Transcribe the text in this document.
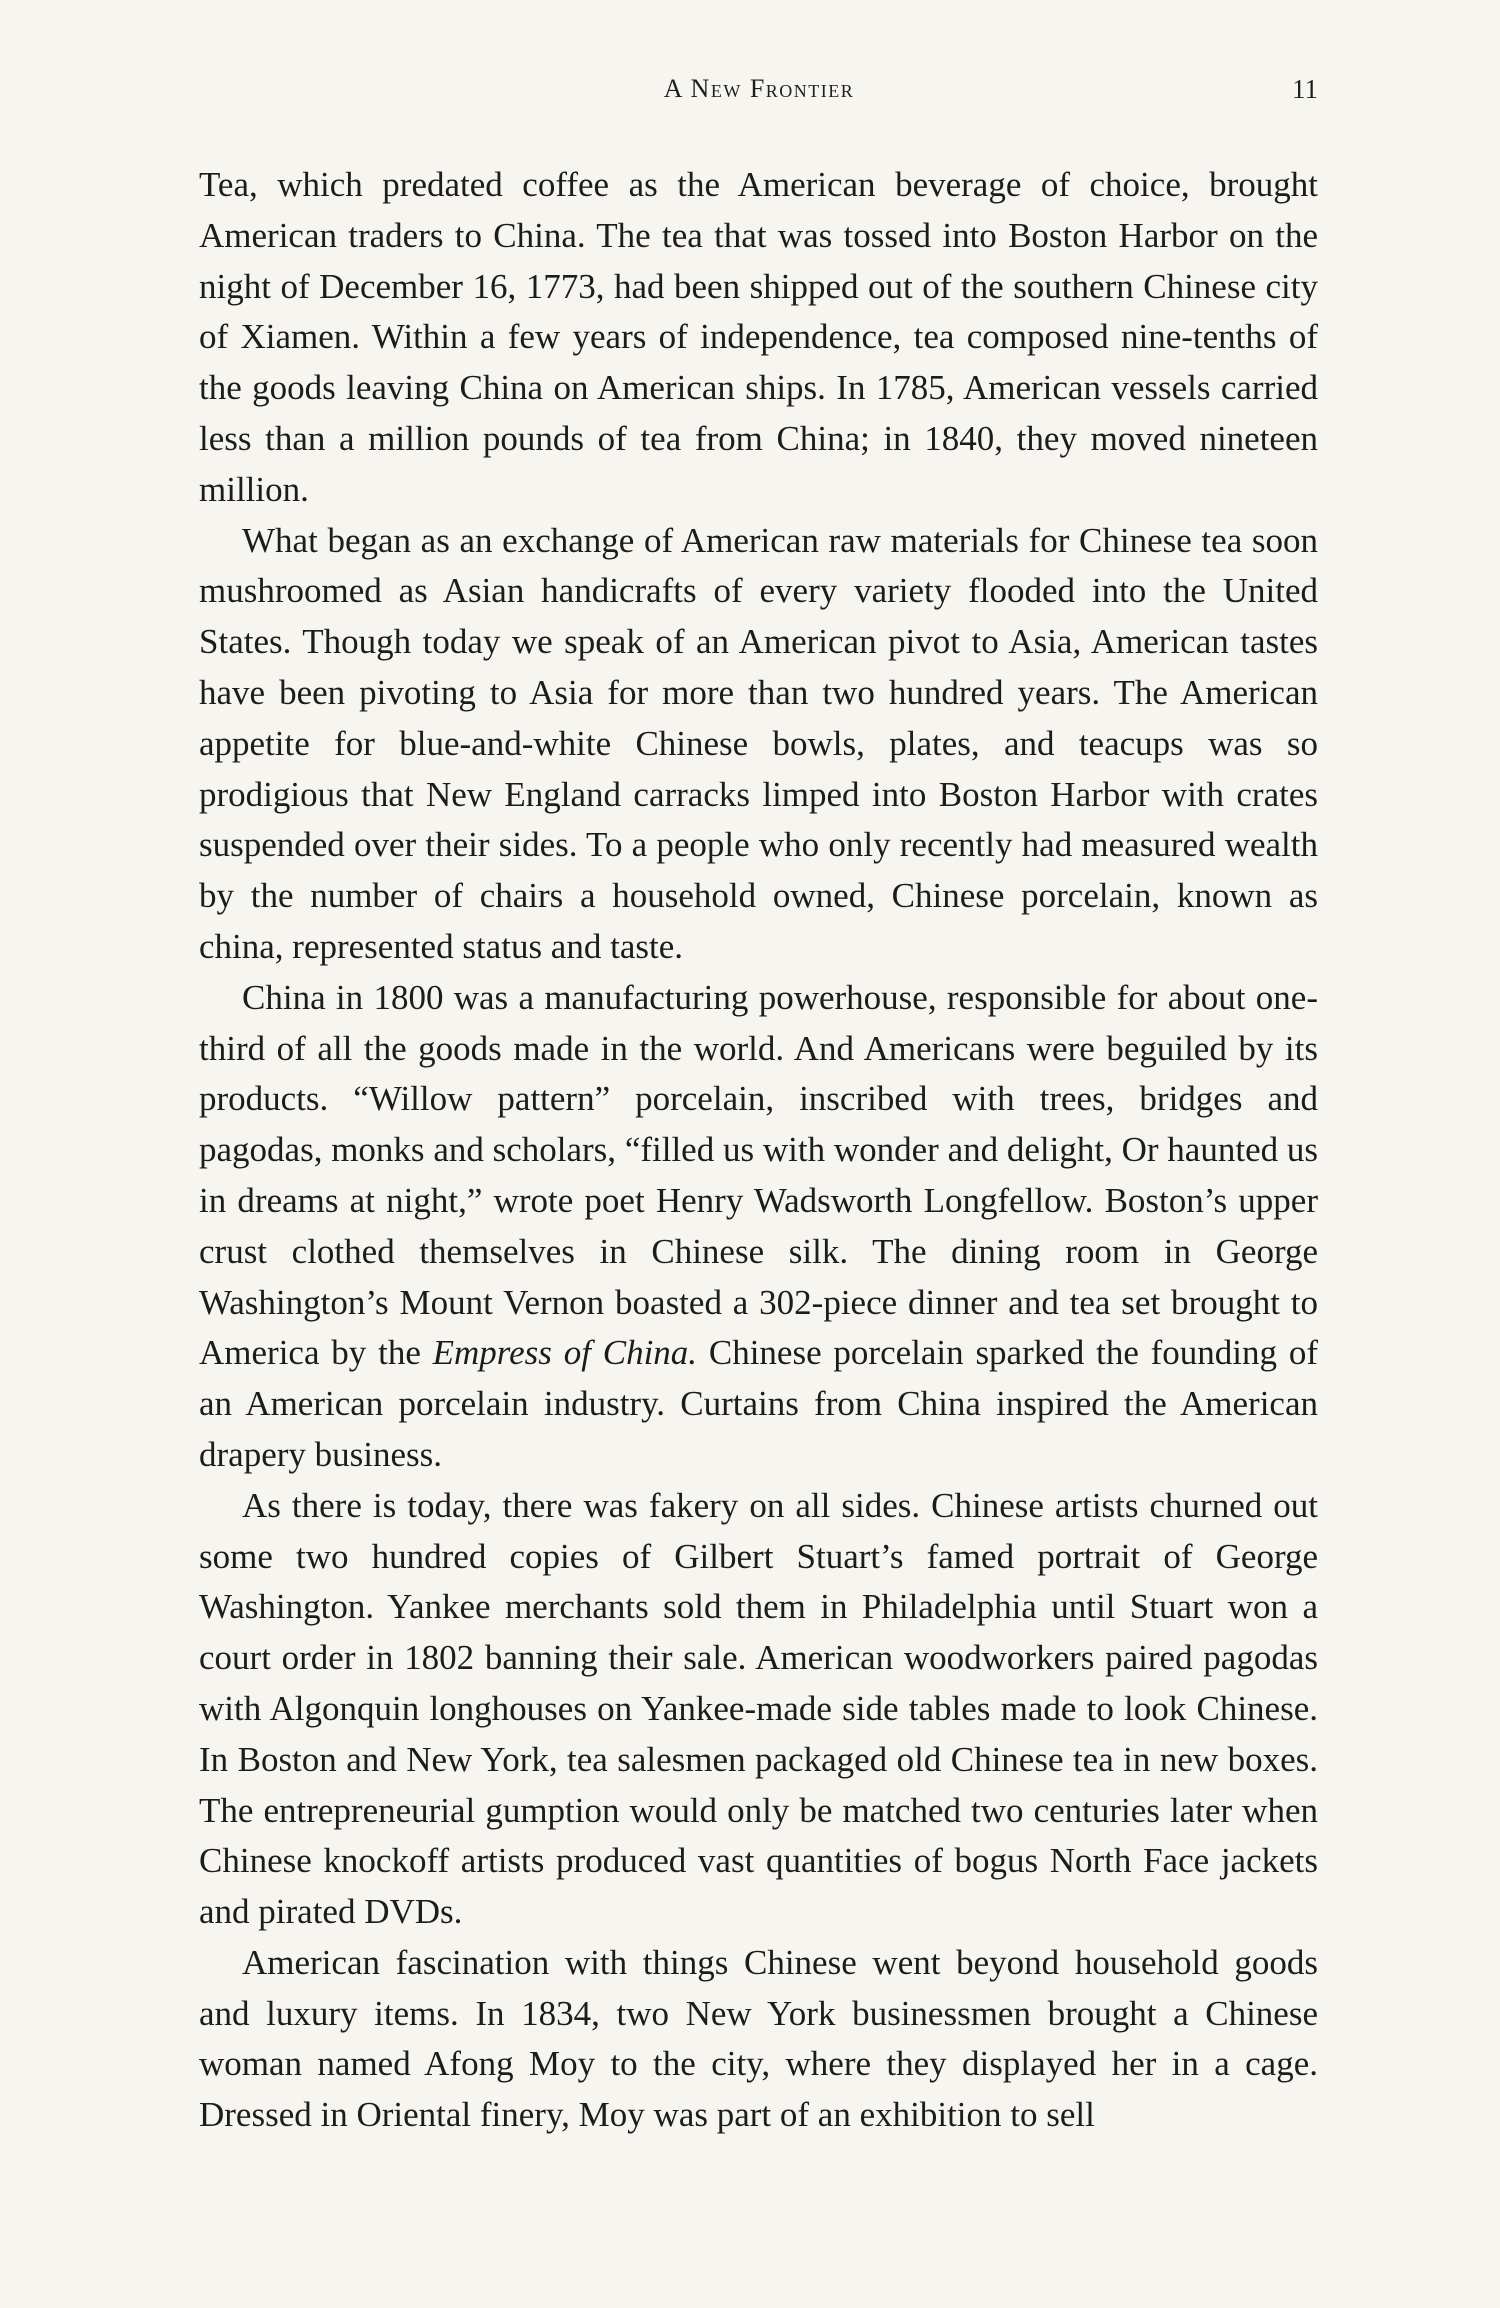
A New Frontier	11

Tea, which predated coffee as the American beverage of choice, brought American traders to China. The tea that was tossed into Boston Harbor on the night of December 16, 1773, had been shipped out of the southern Chinese city of Xiamen. Within a few years of independence, tea composed nine-tenths of the goods leaving China on American ships. In 1785, American vessels carried less than a million pounds of tea from China; in 1840, they moved nineteen million.

What began as an exchange of American raw materials for Chinese tea soon mushroomed as Asian handicrafts of every variety flooded into the United States. Though today we speak of an American pivot to Asia, American tastes have been pivoting to Asia for more than two hundred years. The American appetite for blue-and-white Chinese bowls, plates, and teacups was so prodigious that New England carracks limped into Boston Harbor with crates suspended over their sides. To a people who only recently had measured wealth by the number of chairs a household owned, Chinese porcelain, known as china, represented status and taste.

China in 1800 was a manufacturing powerhouse, responsible for about one-third of all the goods made in the world. And Americans were beguiled by its products. “Willow pattern” porcelain, inscribed with trees, bridges and pagodas, monks and scholars, “filled us with wonder and delight, Or haunted us in dreams at night,” wrote poet Henry Wadsworth Longfellow. Boston’s upper crust clothed themselves in Chinese silk. The dining room in George Washington’s Mount Vernon boasted a 302-piece dinner and tea set brought to America by the Empress of China. Chinese porcelain sparked the founding of an American porcelain industry. Curtains from China inspired the American drapery business.

As there is today, there was fakery on all sides. Chinese artists churned out some two hundred copies of Gilbert Stuart’s famed portrait of George Washington. Yankee merchants sold them in Philadelphia until Stuart won a court order in 1802 banning their sale. American woodworkers paired pagodas with Algonquin longhouses on Yankee-made side tables made to look Chinese. In Boston and New York, tea salesmen packaged old Chinese tea in new boxes. The entrepreneurial gumption would only be matched two centuries later when Chinese knockoff artists produced vast quantities of bogus North Face jackets and pirated DVDs.

American fascination with things Chinese went beyond household goods and luxury items. In 1834, two New York businessmen brought a Chinese woman named Afong Moy to the city, where they displayed her in a cage. Dressed in Oriental finery, Moy was part of an exhibition to sell
